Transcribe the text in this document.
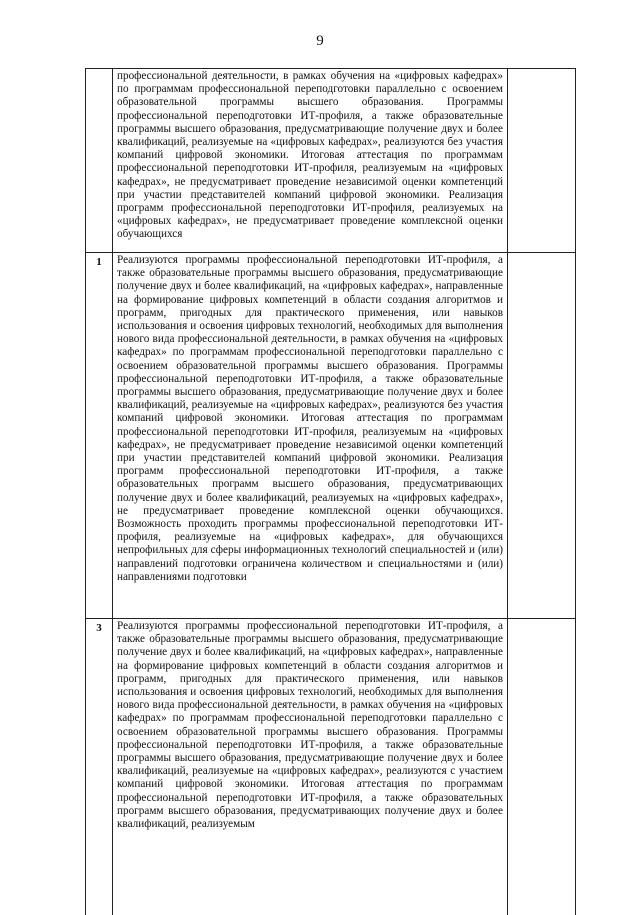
9
	профессиональной деятельности, в рамках обучения на «цифровых кафедрах» по программам профессиональной переподготовки параллельно с освоением образовательной программы высшего образования. Программы профессиональной переподготовки ИТ-профиля, а также образовательные программы высшего образования, предусматривающие получение двух и более квалификаций, реализуемые на «цифровых кафедрах», реализуются без участия компаний цифровой экономики. Итоговая аттестация по программам профессиональной переподготовки ИТ-профиля, реализуемым на «цифровых кафедрах», не предусматривает проведение независимой оценки компетенций при участии представителей компаний цифровой экономики. Реализация программ профессиональной переподготовки ИТ-профиля, реализуемых на «цифровых кафедрах», не предусматривает проведение комплексной оценки обучающихся	
1	Реализуются программы профессиональной переподготовки ИТ-профиля, а также образовательные программы высшего образования, предусматривающие получение двух и более квалификаций, на «цифровых кафедрах», направленные на формирование цифровых компетенций в области создания алгоритмов и программ, пригодных для практического применения, или навыков использования и освоения цифровых технологий, необходимых для выполнения нового вида профессиональной деятельности, в рамках обучения на «цифровых кафедрах» по программам профессиональной переподготовки параллельно с освоением образовательной программы высшего образования. Программы профессиональной переподготовки ИТ-профиля, а также образовательные программы высшего образования, предусматривающие получение двух и более квалификаций, реализуемые на «цифровых кафедрах», реализуются без участия компаний цифровой экономики. Итоговая аттестация по программам профессиональной переподготовки ИТ-профиля, реализуемым на «цифровых кафедрах», не предусматривает проведение независимой оценки компетенций при участии представителей компаний цифровой экономики. Реализация программ профессиональной переподготовки ИТ-профиля, а также образовательных программ высшего образования, предусматривающих получение двух и более квалификаций, реализуемых на «цифровых кафедрах», не предусматривает проведение комплексной оценки обучающихся. Возможность проходить программы профессиональной переподготовки ИТ-профиля, реализуемые на «цифровых кафедрах», для обучающихся непрофильных для сферы информационных технологий специальностей и (или) направлений подготовки ограничена количеством и специальностями и (или) направлениями подготовки	
3	Реализуются программы профессиональной переподготовки ИТ-профиля, а также образовательные программы высшего образования, предусматривающие получение двух и более квалификаций, на «цифровых кафедрах», направленные на формирование цифровых компетенций в области создания алгоритмов и программ, пригодных для практического применения, или навыков использования и освоения цифровых технологий, необходимых для выполнения нового вида профессиональной деятельности, в рамках обучения на «цифровых кафедрах» по программам профессиональной переподготовки параллельно с освоением образовательной программы высшего образования. Программы профессиональной переподготовки ИТ-профиля, а также образовательные программы высшего образования, предусматривающие получение двух и более квалификаций, реализуемые на «цифровых кафедрах», реализуются с участием компаний цифровой экономики. Итоговая аттестация по программам профессиональной переподготовки ИТ-профиля, а также образовательных программ высшего образования, предусматривающих получение двух и более квалификаций, реализуемым	
